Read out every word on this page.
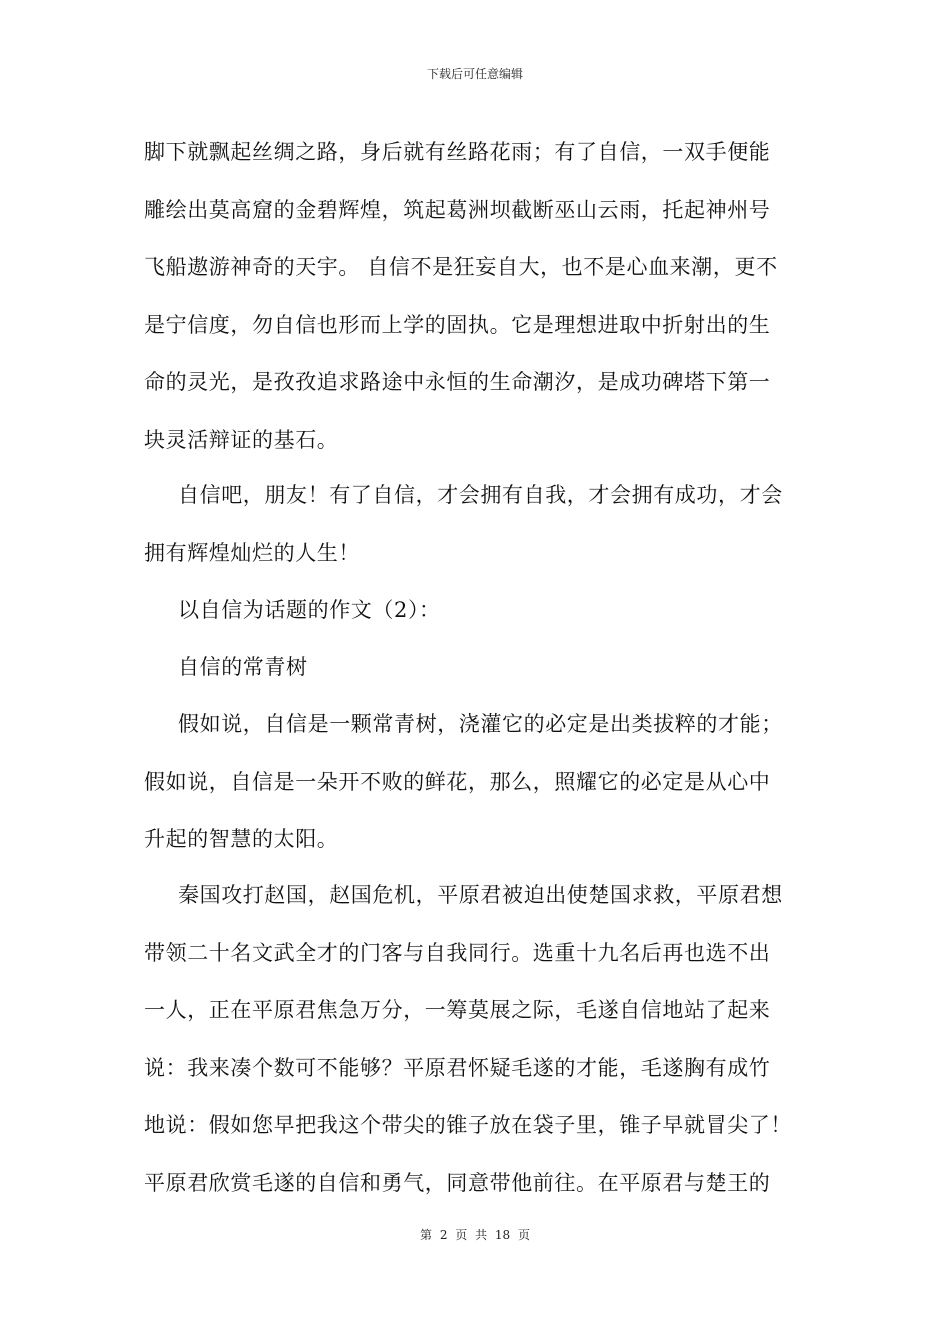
下载后可任意编辑
脚下就飘起丝绸之路，身后就有丝路花雨；有了自信，一双手便能
雕绘出莫高窟的金碧辉煌，筑起葛洲坝截断巫山云雨，托起神州号
飞船遨游神奇的天宇。 自信不是狂妄自大，也不是心血来潮，更不
是宁信度，勿自信也形而上学的固执。它是理想进取中折射出的生
命的灵光，是孜孜追求路途中永恒的生命潮汐，是成功碑塔下第一
块灵活辩证的基石。
自信吧，朋友！有了自信，才会拥有自我，才会拥有成功，才会
拥有辉煌灿烂的人生！
以自信为话题的作文（2）：
自信的常青树
假如说，自信是一颗常青树，浇灌它的必定是出类拔粹的才能；
假如说，自信是一朵开不败的鲜花，那么，照耀它的必定是从心中
升起的智慧的太阳。
秦国攻打赵国，赵国危机，平原君被迫出使楚国求救，平原君想
带领二十名文武全才的门客与自我同行。选重十九名后再也选不出
一人，正在平原君焦急万分，一筹莫展之际，毛遂自信地站了起来
说：我来凑个数可不能够？平原君怀疑毛遂的才能，毛遂胸有成竹
地说：假如您早把我这个带尖的锥子放在袋子里，锥子早就冒尖了！
平原君欣赏毛遂的自信和勇气，同意带他前往。在平原君与楚王的
第 2 页 共 18 页
